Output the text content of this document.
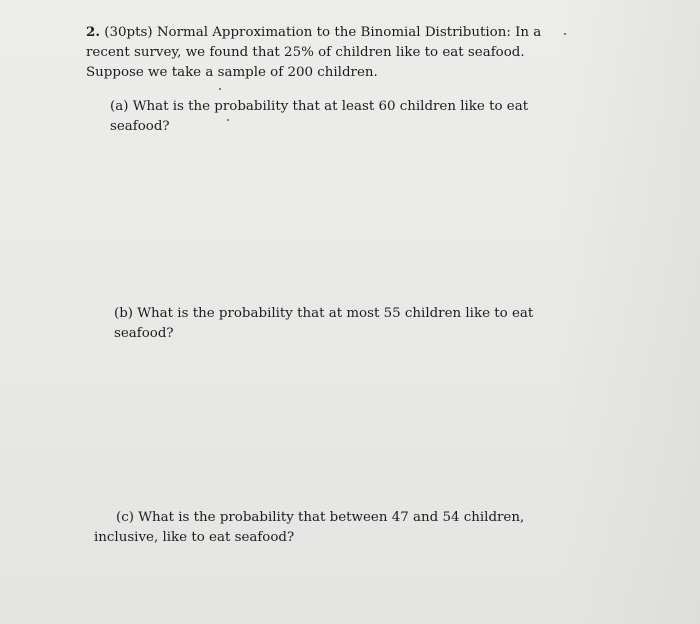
2. (30pts) Normal Approximation to the Binomial Distribution: In a recent survey, we found that 25% of children like to eat seafood. Suppose we take a sample of 200 children.
(a) What is the probability that at least 60 children like to eat seafood?
(b) What is the probability that at most 55 children like to eat seafood?
(c) What is the probability that between 47 and 54 children, inclusive, like to eat seafood?
